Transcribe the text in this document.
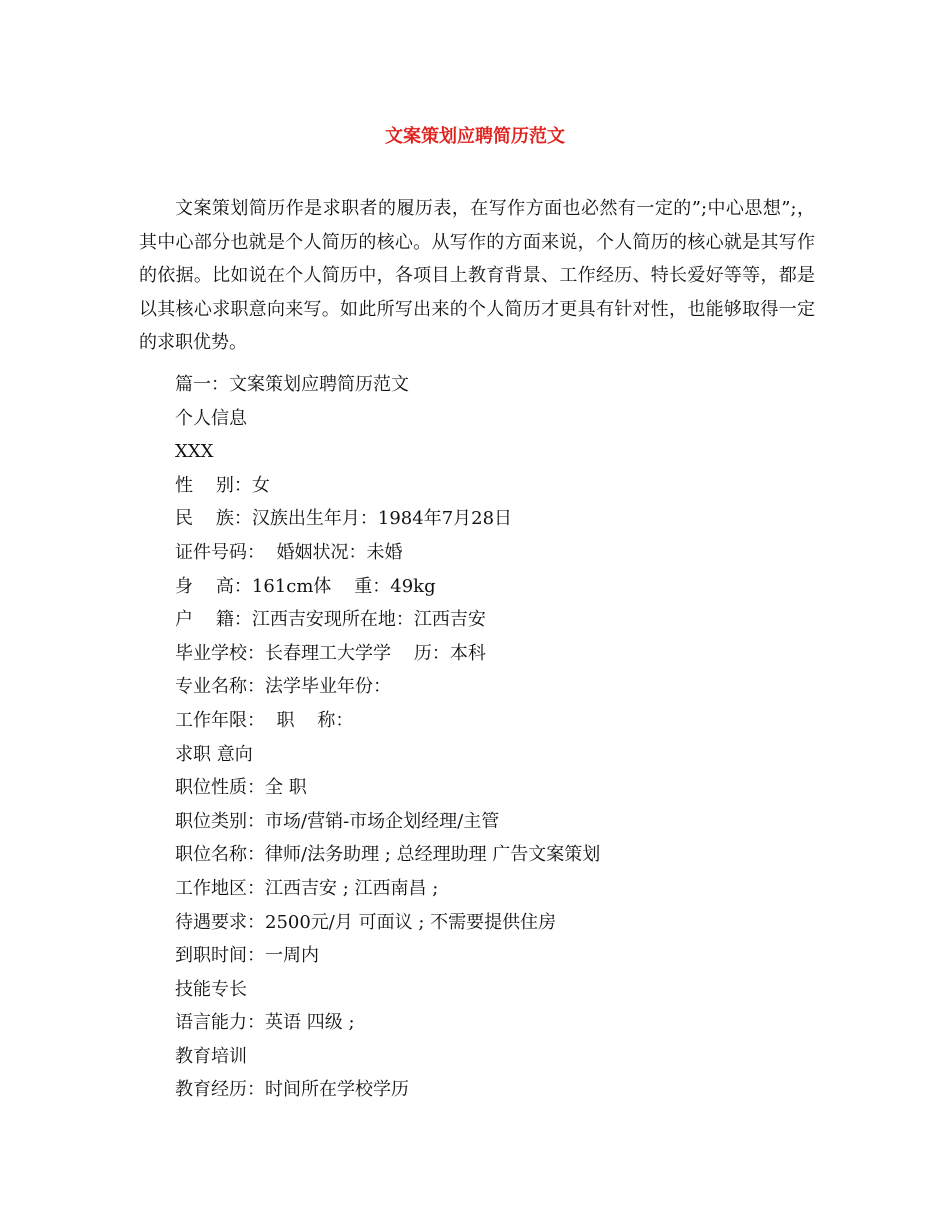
文案策划应聘简历范文

文案策划简历作是求职者的履历表，在写作方面也必然有一定的”;中心思想”;，其中心部分也就是个人简历的核心。从写作的方面来说，个人简历的核心就是其写作的依据。比如说在个人简历中，各项目上教育背景、工作经历、特长爱好等等，都是以其核心求职意向来写。如此所写出来的个人简历才更具有针对性，也能够取得一定的求职优势。

篇一：文案策划应聘简历范文
个人信息
XXX
性    别：女
民    族：汉族出生年月：1984年7月28日
证件号码：  婚姻状况：未婚
身    高：161cm体    重：49kg
户    籍：江西吉安现所在地：江西吉安
毕业学校：长春理工大学学    历：本科
专业名称：法学毕业年份：
工作年限：  职    称：
求职 意向
职位性质：全 职
职位类别：市场/营销-市场企划经理/主管
职位名称：律师/法务助理 ; 总经理助理 广告文案策划
工作地区：江西吉安 ; 江西南昌 ;
待遇要求：2500元/月 可面议 ; 不需要提供住房
到职时间：一周内
技能专长
语言能力：英语 四级 ;
教育培训
教育经历：时间所在学校学历
